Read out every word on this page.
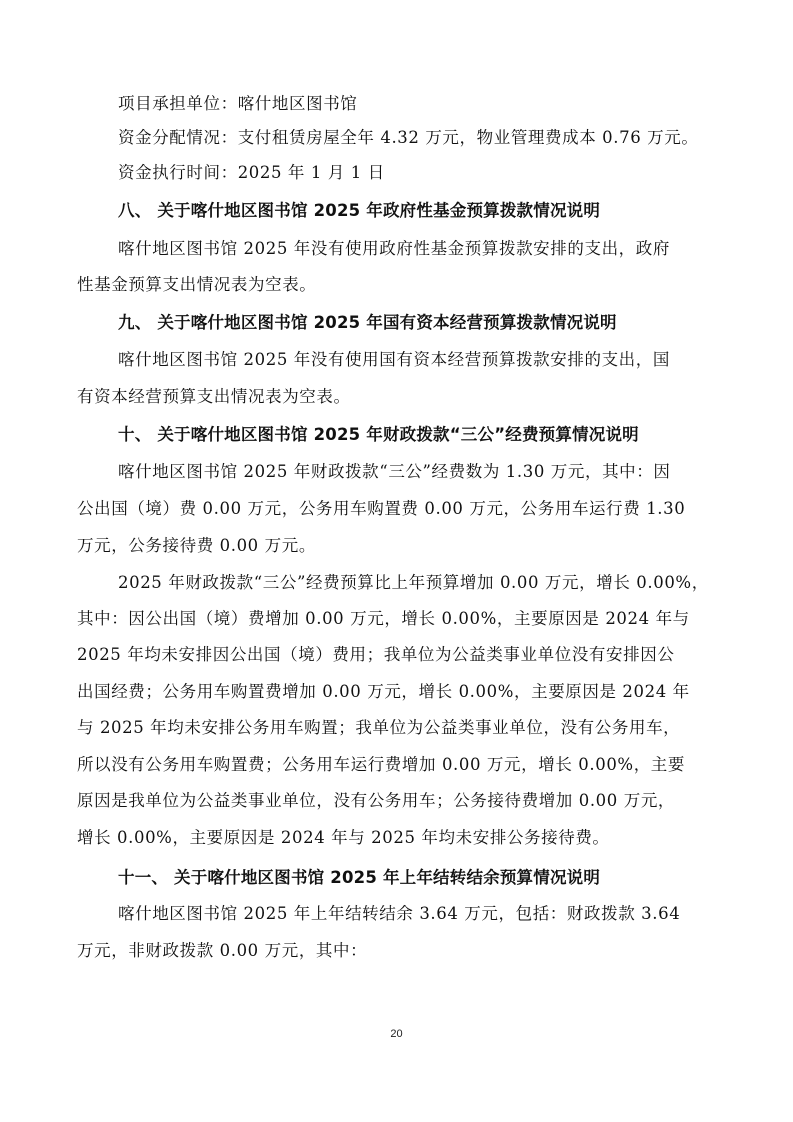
项目承担单位：喀什地区图书馆
资金分配情况：支付租赁房屋全年 4.32 万元，物业管理费成本 0.76 万元。
资金执行时间：2025 年 1 月 1 日
八、 关于喀什地区图书馆 2025 年政府性基金预算拨款情况说明
喀什地区图书馆 2025 年没有使用政府性基金预算拨款安排的支出，政府
性基金预算支出情况表为空表。
九、 关于喀什地区图书馆 2025 年国有资本经营预算拨款情况说明
喀什地区图书馆 2025 年没有使用国有资本经营预算拨款安排的支出，国
有资本经营预算支出情况表为空表。
十、 关于喀什地区图书馆 2025 年财政拨款“三公”经费预算情况说明
喀什地区图书馆 2025 年财政拨款“三公”经费数为 1.30 万元，其中：因
公出国（境）费 0.00 万元，公务用车购置费 0.00 万元，公务用车运行费 1.30
万元，公务接待费 0.00 万元。
2025 年财政拨款“三公”经费预算比上年预算增加 0.00 万元，增长 0.00%，
其中：因公出国（境）费增加 0.00 万元，增长 0.00%，主要原因是 2024 年与
2025 年均未安排因公出国（境）费用；我单位为公益类事业单位没有安排因公
出国经费；公务用车购置费增加 0.00 万元，增长 0.00%，主要原因是 2024 年
与 2025 年均未安排公务用车购置；我单位为公益类事业单位，没有公务用车，
所以没有公务用车购置费；公务用车运行费增加 0.00 万元，增长 0.00%，主要
原因是我单位为公益类事业单位，没有公务用车；公务接待费增加 0.00 万元，
增长 0.00%，主要原因是 2024 年与 2025 年均未安排公务接待费。
十一、 关于喀什地区图书馆 2025 年上年结转结余预算情况说明
喀什地区图书馆 2025 年上年结转结余 3.64 万元，包括：财政拨款 3.64
万元，非财政拨款 0.00 万元，其中：
20
